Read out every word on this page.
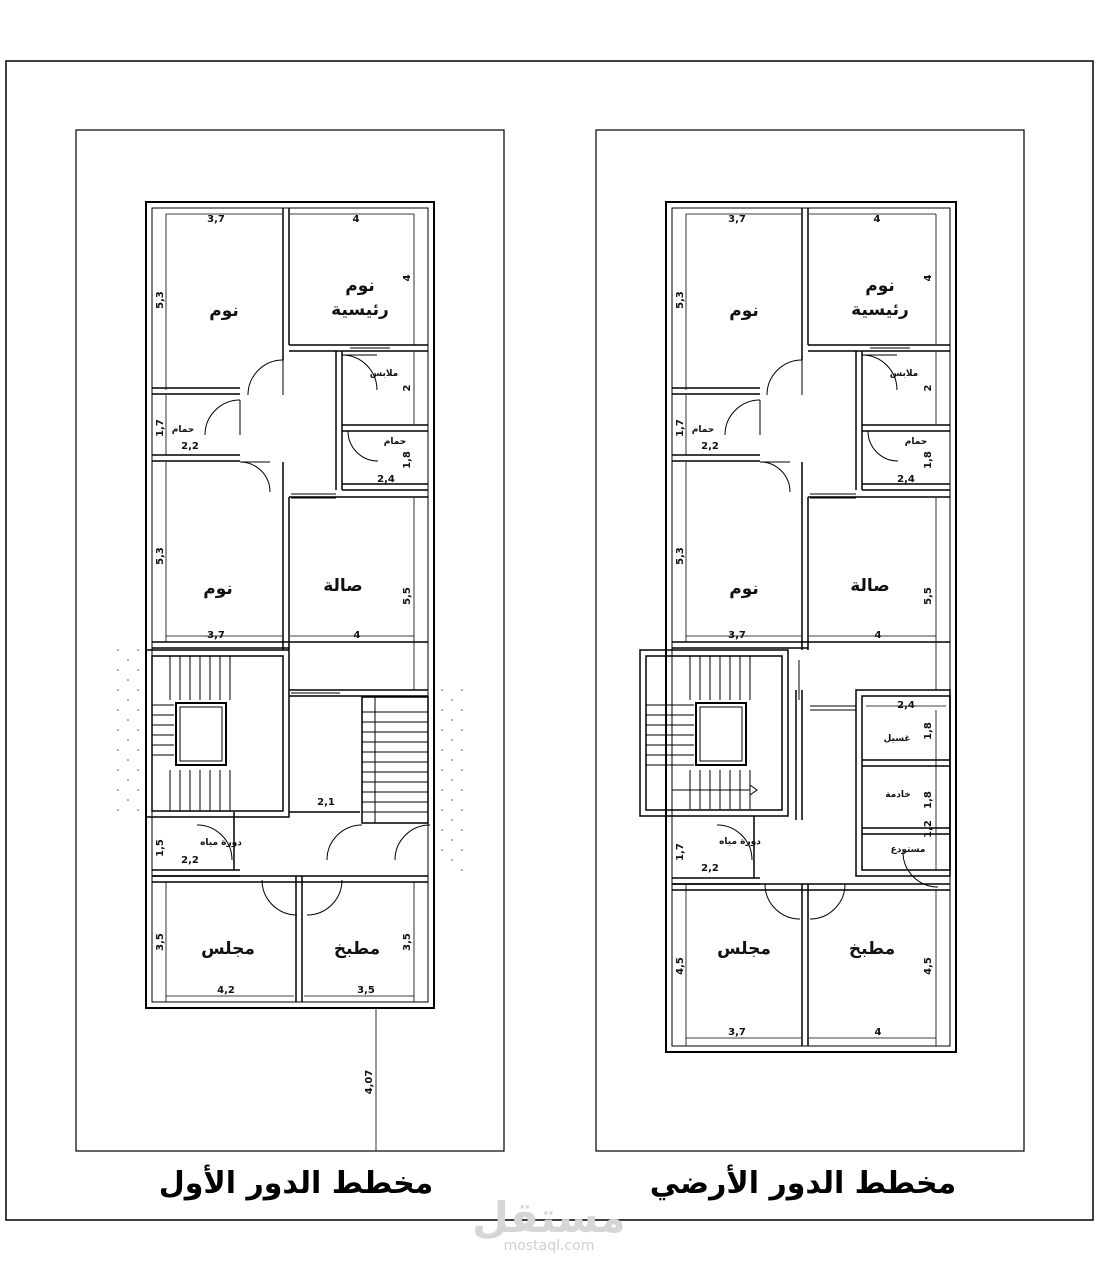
نوم
نوم
رئيسية
ملابس
حمام
حمام
نوم	صالة
دورة مياه
مجلس	مطبخ
3,7	4
5,3
4
2
1,7
2,2
1,8
2,4
5,3
5,5
3,7	4
2,1
1,5
2,2
3,5	3,5
4,2	3,5
4,07
مخطط الدور الأول
نوم
نوم
رئيسية
ملابس
حمام
حمام
نوم	صالة
غسيل
خادمة
مستودع
دورة مياه
مجلس	مطبخ
3,7	4
5,3
4
2
1,7
2,2
1,8
2,4
5,3
5,5
3,7	4
2,4
1,8
1,8
1,2
1,7
2,2
4,5	4,5
3,7	4
مخطط الدور الأرضي
مستقل
mostaql.com
